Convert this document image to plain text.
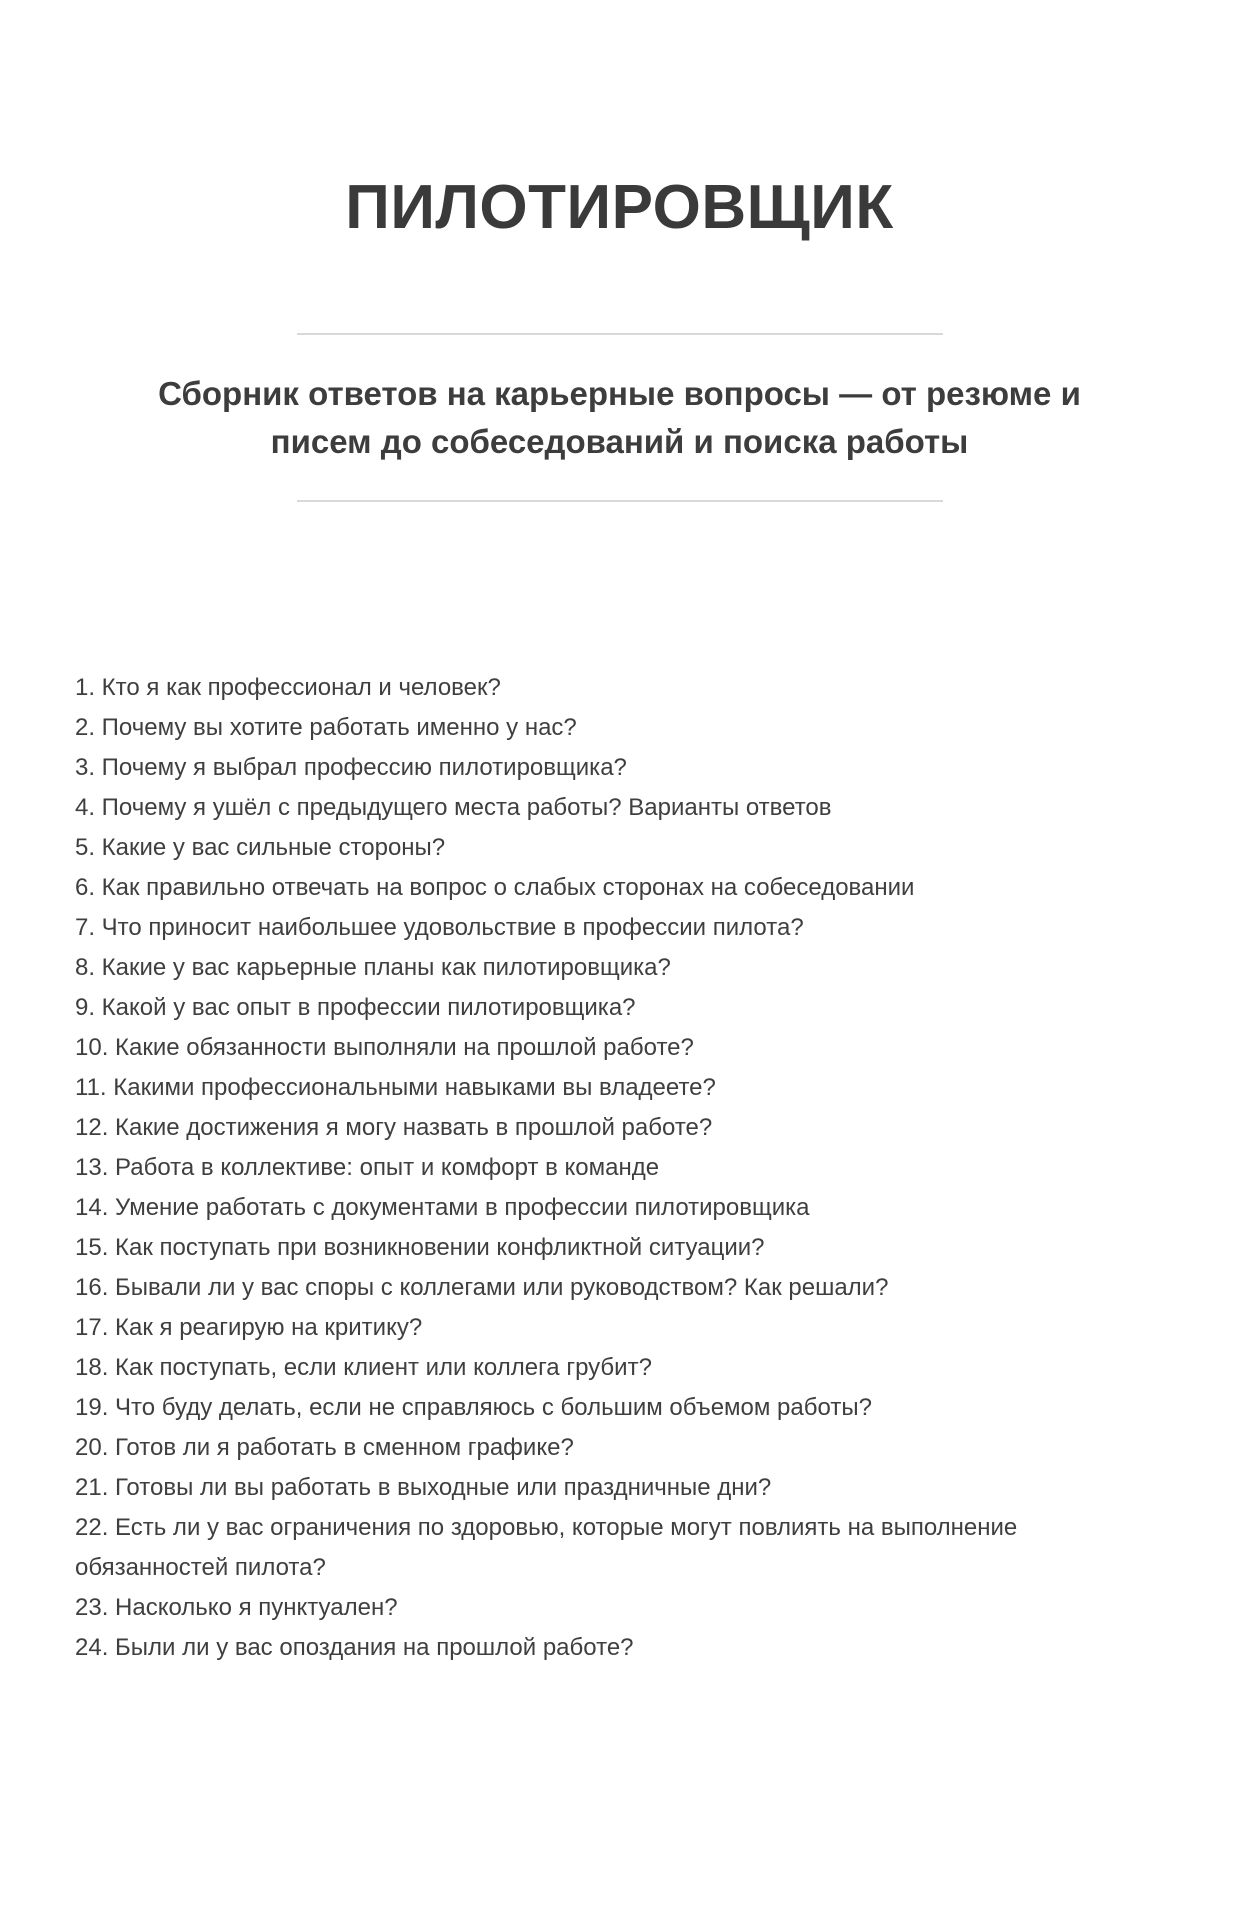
ПИЛОТИРОВЩИК
Сборник ответов на карьерные вопросы — от резюме и писем до собеседований и поиска работы
1. Кто я как профессионал и человек?
2. Почему вы хотите работать именно у нас?
3. Почему я выбрал профессию пилотировщика?
4. Почему я ушёл с предыдущего места работы? Варианты ответов
5. Какие у вас сильные стороны?
6. Как правильно отвечать на вопрос о слабых сторонах на собеседовании
7. Что приносит наибольшее удовольствие в профессии пилота?
8. Какие у вас карьерные планы как пилотировщика?
9. Какой у вас опыт в профессии пилотировщика?
10. Какие обязанности выполняли на прошлой работе?
11. Какими профессиональными навыками вы владеете?
12. Какие достижения я могу назвать в прошлой работе?
13. Работа в коллективе: опыт и комфорт в команде
14. Умение работать с документами в профессии пилотировщика
15. Как поступать при возникновении конфликтной ситуации?
16. Бывали ли у вас споры с коллегами или руководством? Как решали?
17. Как я реагирую на критику?
18. Как поступать, если клиент или коллега грубит?
19. Что буду делать, если не справляюсь с большим объемом работы?
20. Готов ли я работать в сменном графике?
21. Готовы ли вы работать в выходные или праздничные дни?
22. Есть ли у вас ограничения по здоровью, которые могут повлиять на выполнение обязанностей пилота?
23. Насколько я пунктуален?
24. Были ли у вас опоздания на прошлой работе?
